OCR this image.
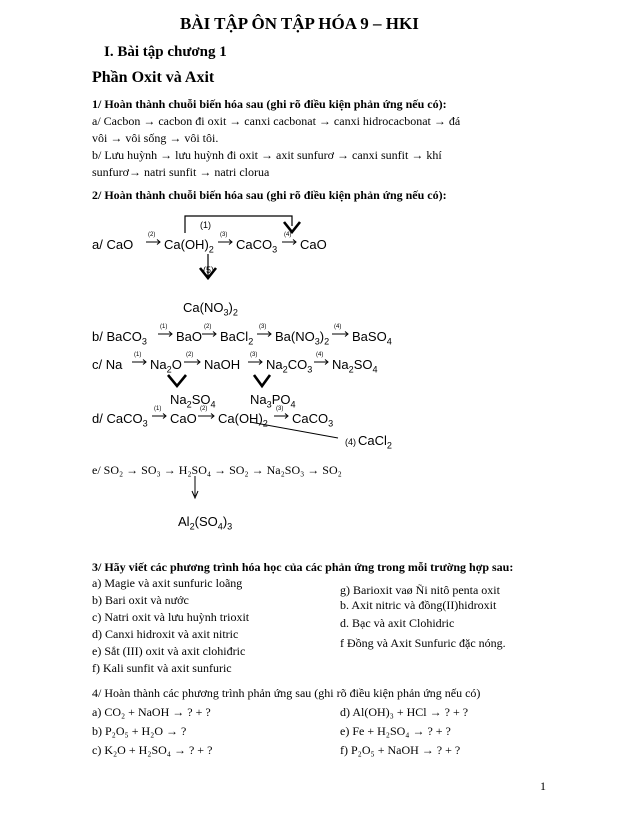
BÀI TẬP ÔN TẬP HÓA 9 – HKI
I. Bài tập chương 1
Phần Oxit và Axit
1/ Hoàn thành chuỗi biến hóa sau (ghi rõ điều kiện phản ứng nếu có):
a/ Cacbon → cacbon đi oxit → canxi cacbonat → canxi hidrocacbonat → đá
vôi → vôi sống → vôi tôi.
b/ Lưu huỳnh → lưu huỳnh đi oxit → axit sunfurơ → canxi sunfit → khí
sunfurơ→ natri sunfit → natri clorua
2/ Hoàn thành chuỗi biến hóa sau (ghi rõ điều kiện phản ứng nếu có):
(1)
a/ CaO
(2)
$Ca(OH)_2$
(3)
CaCO$_3$
(4)
CaO
(5)
$Ca(NO_3)_2$
b/ BaCO$_3$
(1)
BaO
(2)
BaCl$_2$
(3)
$Ba(NO_3)_2$
(4)
BaSO$_4$
c/ Na
(1)
$Na_2O$
(2)
NaOH
(3)
$Na_2CO_3$
(4)
$Na_2SO_4$
$Na_2SO_4$	$Na_3PO_4$
d/ CaCO$_3$
(1)
CaO
(2)
$Ca(OH)_2$
(3)
CaCO$_3$
(4) CaCl$_2$
e/ SO₂ → SO₃ → H₂SO₄ → SO₂ → Na₂SO₃ → SO₂
$Al_2(SO_4)_3$
3/ Hãy viết các phương trình hóa học của các phản ứng trong mỗi trường hợp sau:
a) Magie và axit sunfuric loãng
b) Bari oxit và nước
c) Natri oxit và lưu huỳnh trioxit
d) Canxi hidroxit và axit nitric
e) Sắt (III) oxit và axit clohiđric
f) Kali sunfit và axit sunfuric
g) Barioxit vaø Ñi nitô penta oxit
b. Axit nitric và đồng(II)hidroxit
d. Bạc và axit Clohidric
f Đồng và Axit Sunfuric đặc nóng.
4/ Hoàn thành các phương trình phản ứng sau (ghi rõ điều kiện phản ứng nếu có)
a) CO₂ + NaOH → ? + ?
b) P₂O₅ + H₂O → ?
c) K₂O + H₂SO₄ → ? + ?
d) Al(OH)₃ + HCl → ? + ?
e) Fe + H₂SO₄ → ? + ?
f) P₂O₅ + NaOH → ? + ?
1
